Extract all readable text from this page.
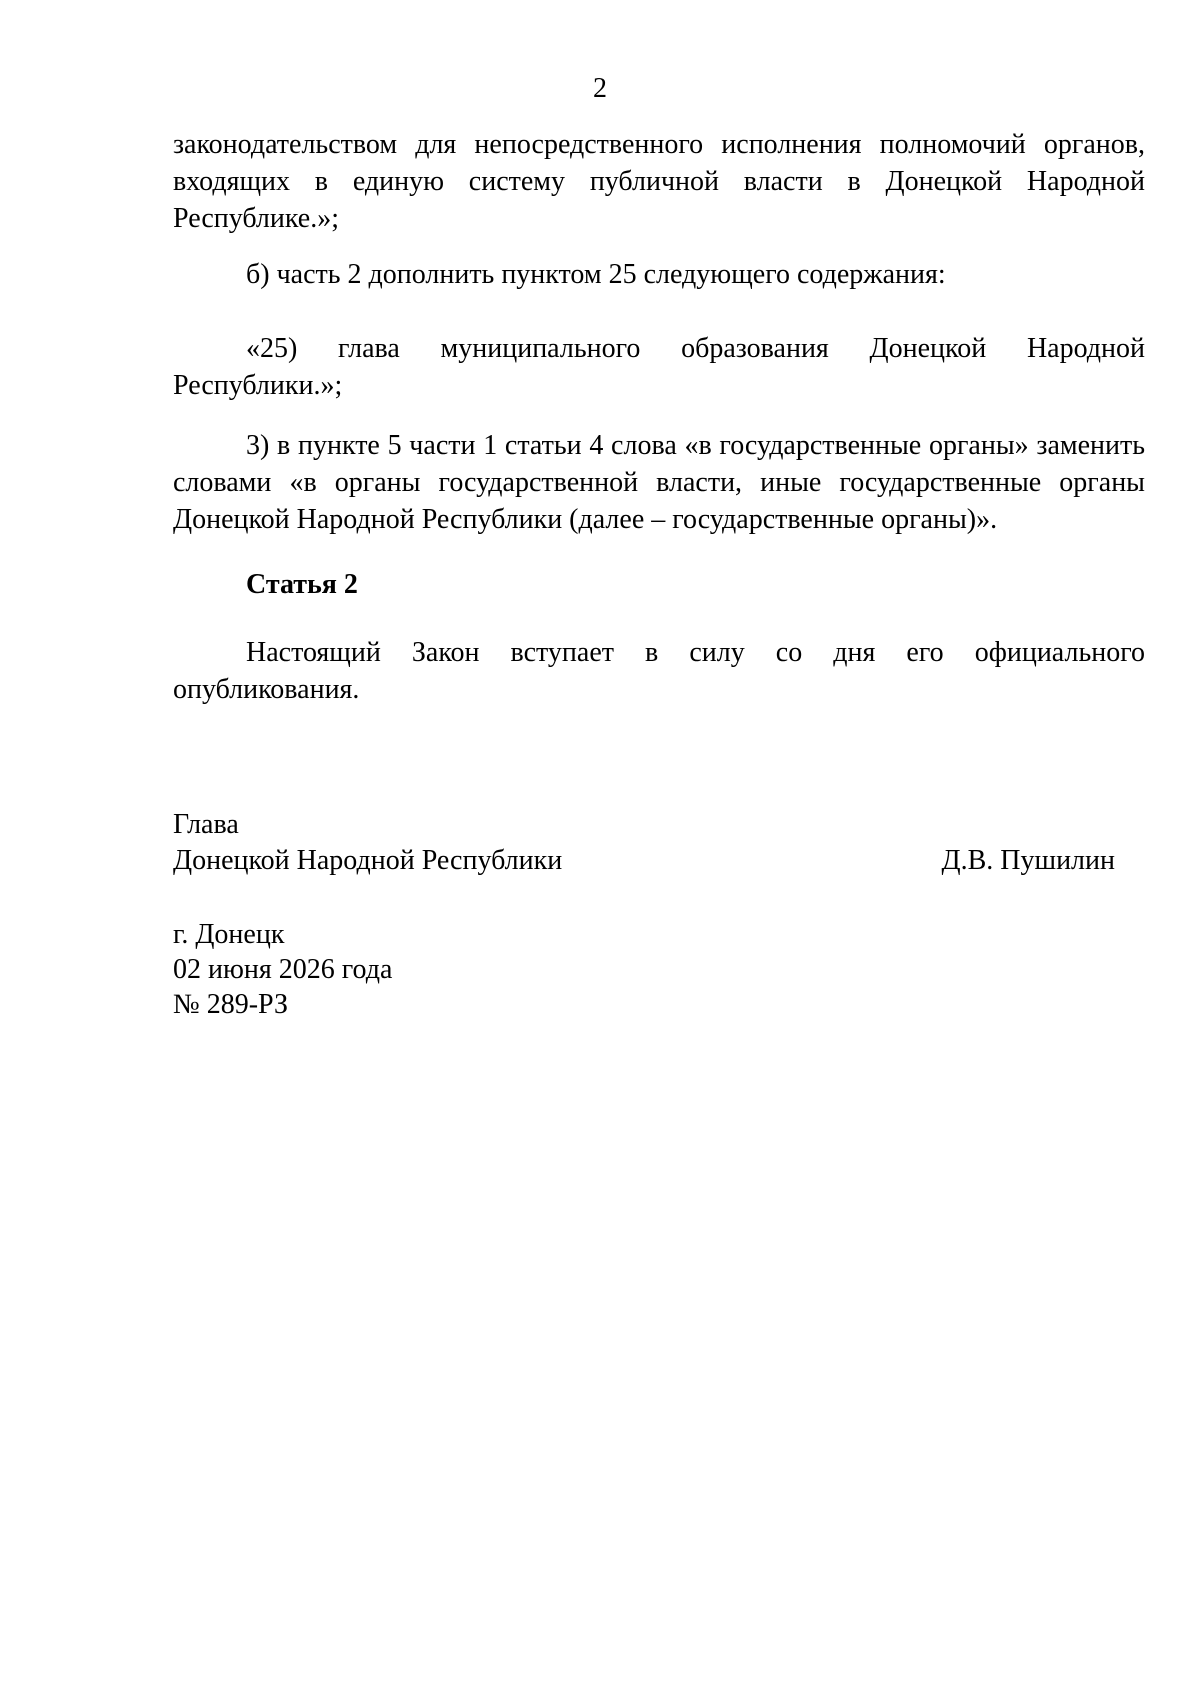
2

законодательством для непосредственного исполнения полномочий органов, входящих в единую систему публичной власти в Донецкой Народной Республике.»;

б) часть 2 дополнить пунктом 25 следующего содержания:

«25) глава муниципального образования Донецкой Народной Республики.»;

3) в пункте 5 части 1 статьи 4 слова «в государственные органы» заменить словами «в органы государственной власти, иные государственные органы Донецкой Народной Республики (далее – государственные органы)».

Статья 2

Настоящий Закон вступает в силу со дня его официального опубликования.

Глава

Донецкой Народной Республики	Д.В. Пушилин

г. Донецк

02 июня 2026 года

№ 289-РЗ
